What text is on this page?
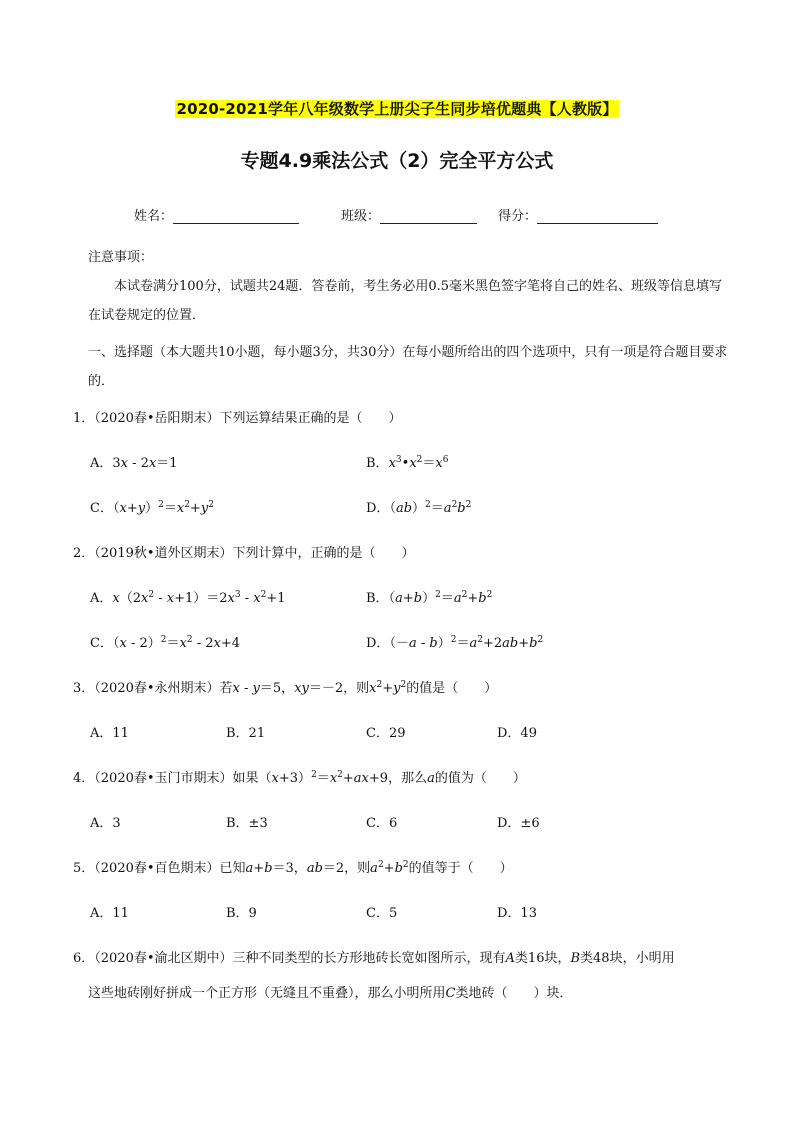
2020-2021学年八年级数学上册尖子生同步培优题典【人教版】
专题4.9乘法公式（2）完全平方公式
姓名：	班级：	得分：
注意事项：
本试卷满分100分，试题共24题．答卷前，考生务必用0.5毫米黑色签字笔将自己的姓名、班级等信息填写在试卷规定的位置．
一、选择题（本大题共10小题，每小题3分，共30分）在每小题所给出的四个选项中，只有一项是符合题目要求的．
1．（2020春•岳阳期末）下列运算结果正确的是（　　）
A．3x - 2x＝1	B．$x^3•x^2=x^6$
C．$(x+y)^2=x^2+y^2$	D．$(ab)^2=a^2b^2$
2．（2019秋•道外区期末）下列计算中，正确的是（　　）
A．$x(2x^2 - x+1)=2x^3 - x^2+1$	B．$(a+b)^2=a^2+b^2$
C．$(x - 2)^2=x^2 - 2x+4$	D．$(-a - b)^2=a^2+2ab+b^2$
3．（2020春•永州期末）若x - y＝5，xy＝－2，则$x^2+y^2$的值是（　　）
A．11	B．21	C．29	D．49
4．（2020春•玉门市期末）如果$(x+3)^2=x^2+ax+9$，那么a的值为（　　）
A．3	B．±3	C．6	D．±6
5．（2020春•百色期末）已知a+b＝3，ab＝2，则$a^2+b^2$的值等于（　　）
A．11	B．9	C．5	D．13
6．（2020春•渝北区期中）三种不同类型的长方形地砖长宽如图所示，现有A类16块，B类48块，小明用
这些地砖刚好拼成一个正方形（无缝且不重叠），那么小明所用C类地砖（　　）块．
